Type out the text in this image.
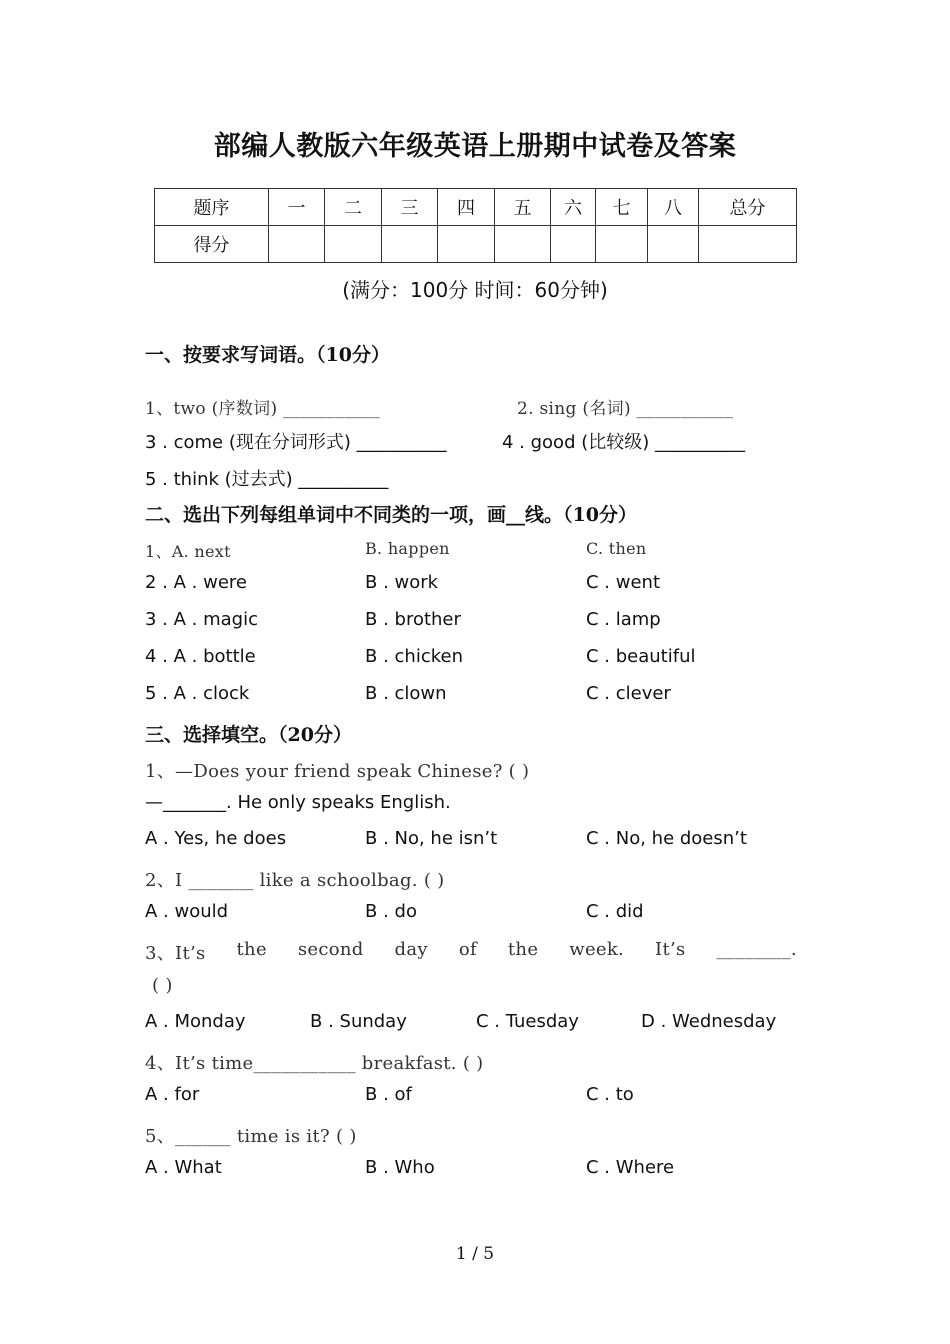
部编人教版六年级英语上册期中试卷及答案
题序	一	二	三	四	五	六	七	八	总分
得分									
(满分：100分 时间：60分钟)
一、按要求写词语。（10分）
1、two (序数词) ___________	2. sing (名词) ___________
3 . come (现在分词形式) __________	4 . good (比较级) __________
5 . think (过去式) __________
二、选出下列每组单词中不同类的一项，画__线。（10分）
1、A. next	B. happen	C. then
2 . A . were	B . work	C . went
3 . A . magic	B . brother	C . lamp
4 . A . bottle	B . chicken	C . beautiful
5 . A . clock	B . clown	C . clever
三、选择填空。（20分）
1、—Does your friend speak Chinese? ( )
—_______. He only speaks English.
A . Yes, he does	B . No, he isn’t	C . No, he doesn’t
2、I _______ like a schoolbag. ( )
A . would	B . do	C . did
3、It’s the second day of the week. It’s ________.
( )
A . Monday	B . Sunday	C . Tuesday	D . Wednesday
4、It’s time___________ breakfast. ( )
A . for	B . of	C . to
5、______ time is it? ( )
A . What	B . Who	C . Where
1 / 5
